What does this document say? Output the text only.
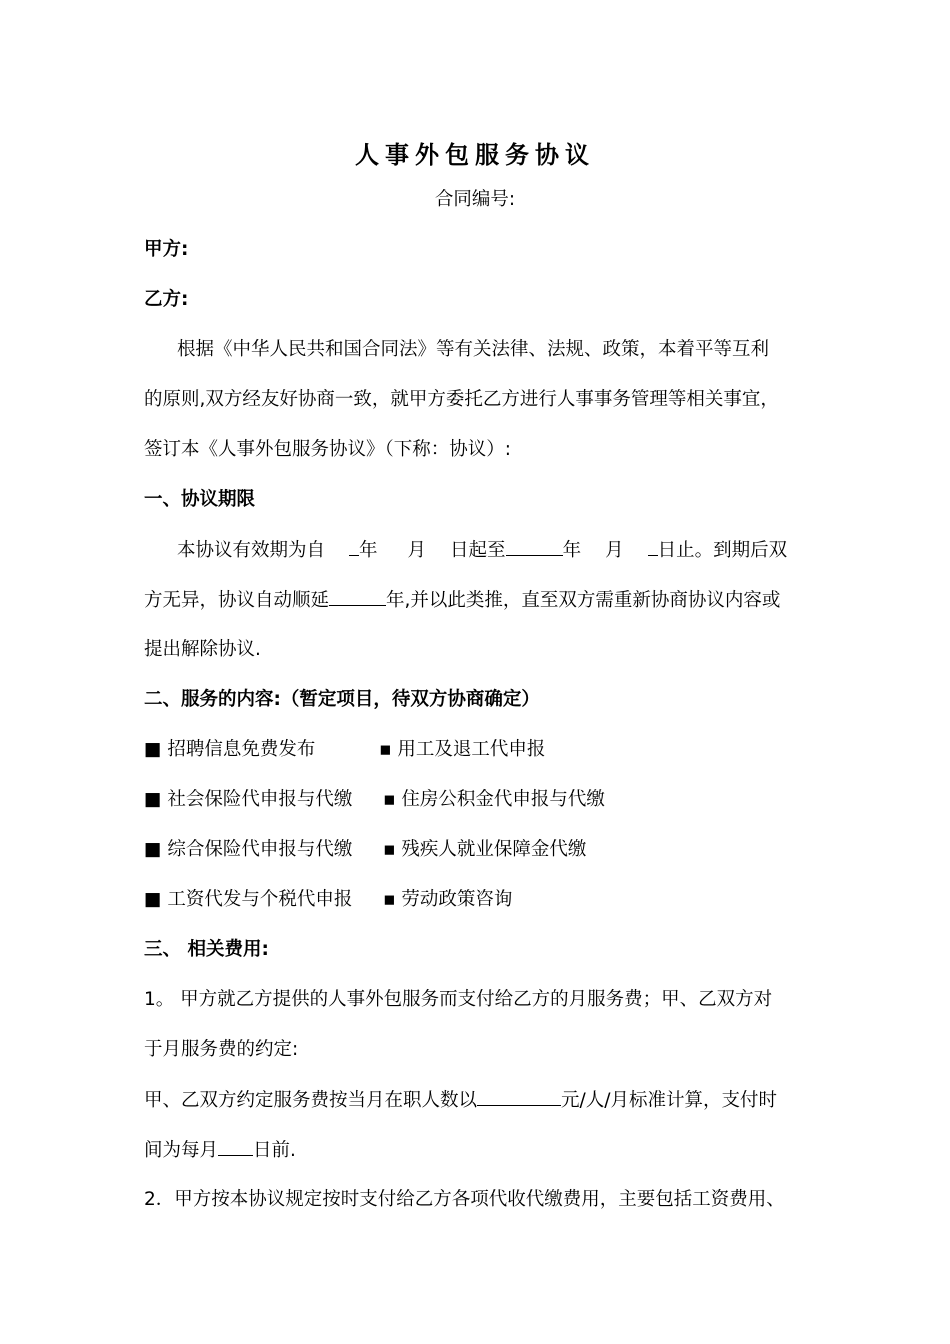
人事外包服务协议
合同编号:
甲方:
乙方:
根据《中华人民共和国合同法》等有关法律、法规、政策，本着平等互利
的原则,双方经友好协商一致，就甲方委托乙方进行人事事务管理等相关事宜，
签订本《人事外包服务协议》（下称：协议）:
一、协议期限
本协议有效期为自 年 月 日起至	年 月 日止。到期后双
方无异，协议自动顺延	年,并以此类推，直至双方需重新协商协议内容或
提出解除协议.
二、服务的内容:（暂定项目，待双方协商确定）
■ 招聘信息免费发布	▪ 用工及退工代申报
■ 社会保险代申报与代缴 ▪ 住房公积金代申报与代缴
■ 综合保险代申报与代缴 ▪ 残疾人就业保障金代缴
■ 工资代发与个税代申报 ▪ 劳动政策咨询
三、 相关费用:
1。 甲方就乙方提供的人事外包服务而支付给乙方的月服务费；甲、乙双方对
于月服务费的约定:
甲、乙双方约定服务费按当月在职人数以	元/人/月标准计算，支付时
间为每月 日前.
2．甲方按本协议规定按时支付给乙方各项代收代缴费用，主要包括工资费用、
